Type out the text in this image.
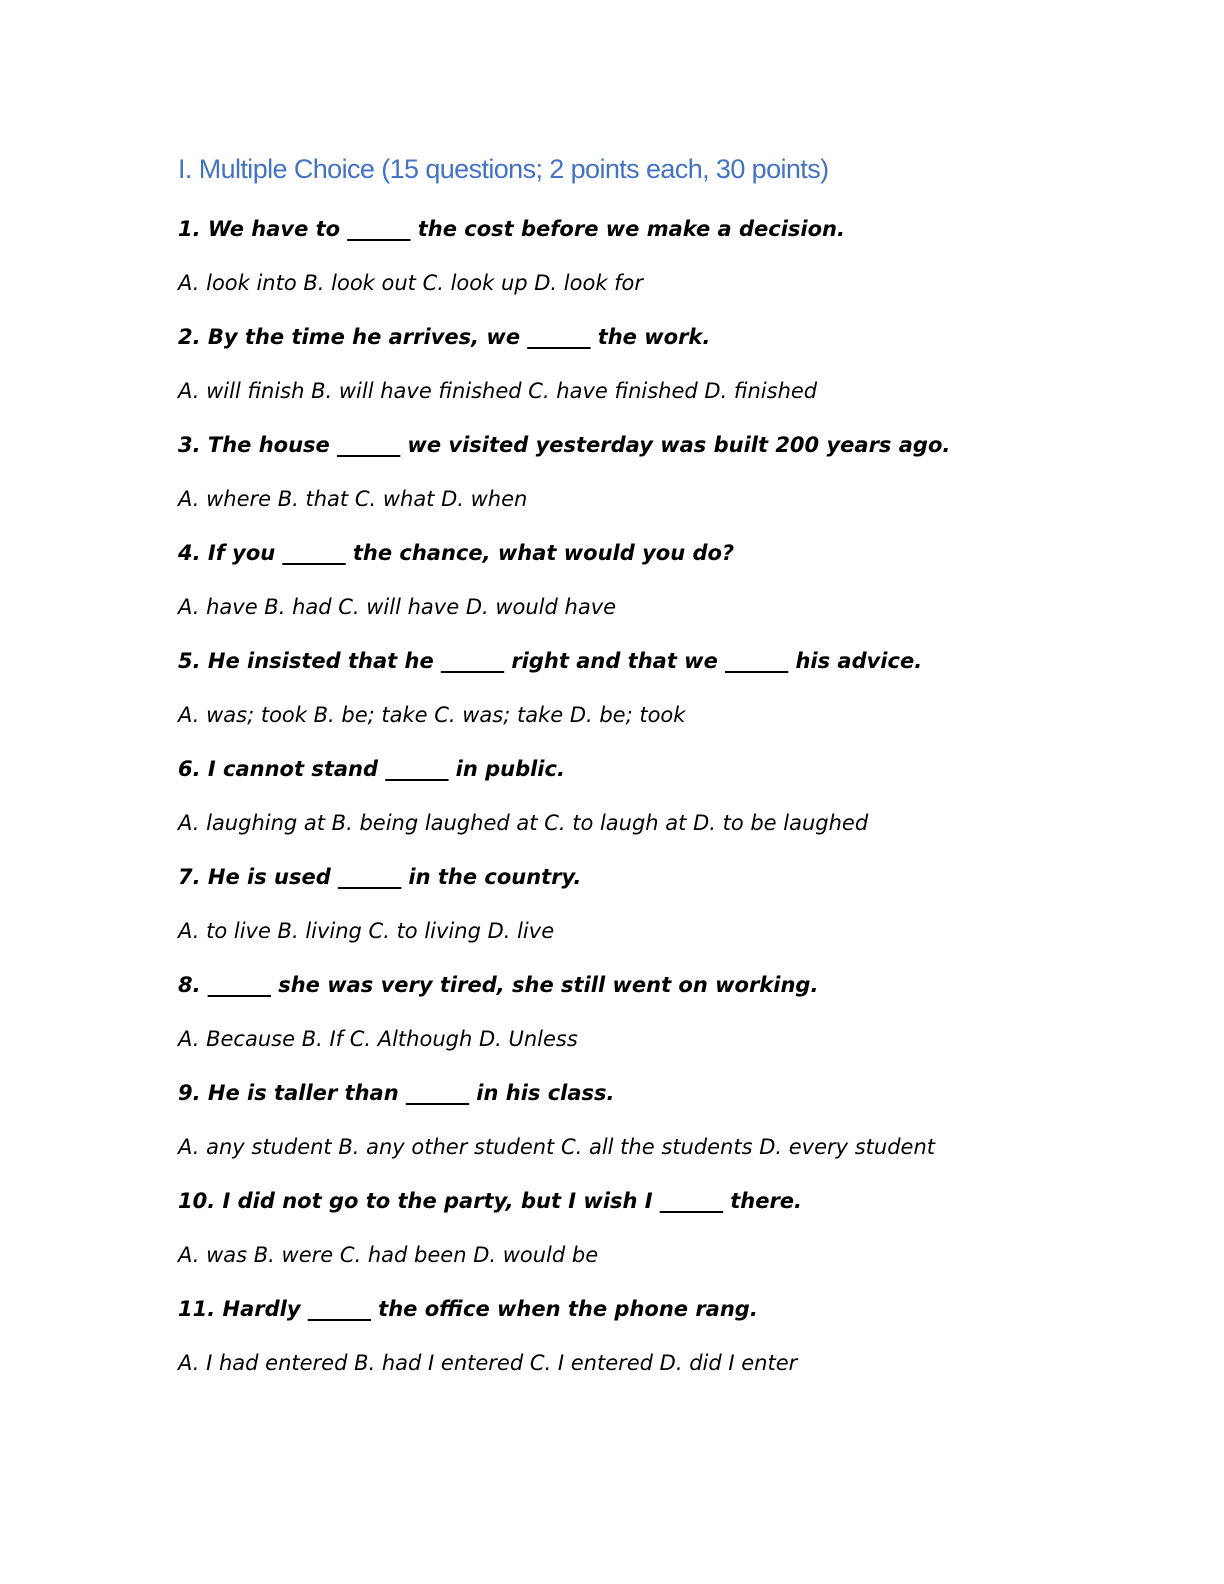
I. Multiple Choice (15 questions; 2 points each, 30 points)
1. We have to ______ the cost before we make a decision.
A. look into B. look out C. look up D. look for
2. By the time he arrives, we ______ the work.
A. will finish B. will have finished C. have finished D. finished
3. The house ______ we visited yesterday was built 200 years ago.
A. where B. that C. what D. when
4. If you ______ the chance, what would you do?
A. have B. had C. will have D. would have
5. He insisted that he ______ right and that we ______ his advice.
A. was; took B. be; take C. was; take D. be; took
6. I cannot stand ______ in public.
A. laughing at B. being laughed at C. to laugh at D. to be laughed
7. He is used ______ in the country.
A. to live B. living C. to living D. live
8. ______ she was very tired, she still went on working.
A. Because B. If C. Although D. Unless
9. He is taller than ______ in his class.
A. any student B. any other student C. all the students D. every student
10. I did not go to the party, but I wish I ______ there.
A. was B. were C. had been D. would be
11. Hardly ______ the office when the phone rang.
A. I had entered B. had I entered C. I entered D. did I enter
